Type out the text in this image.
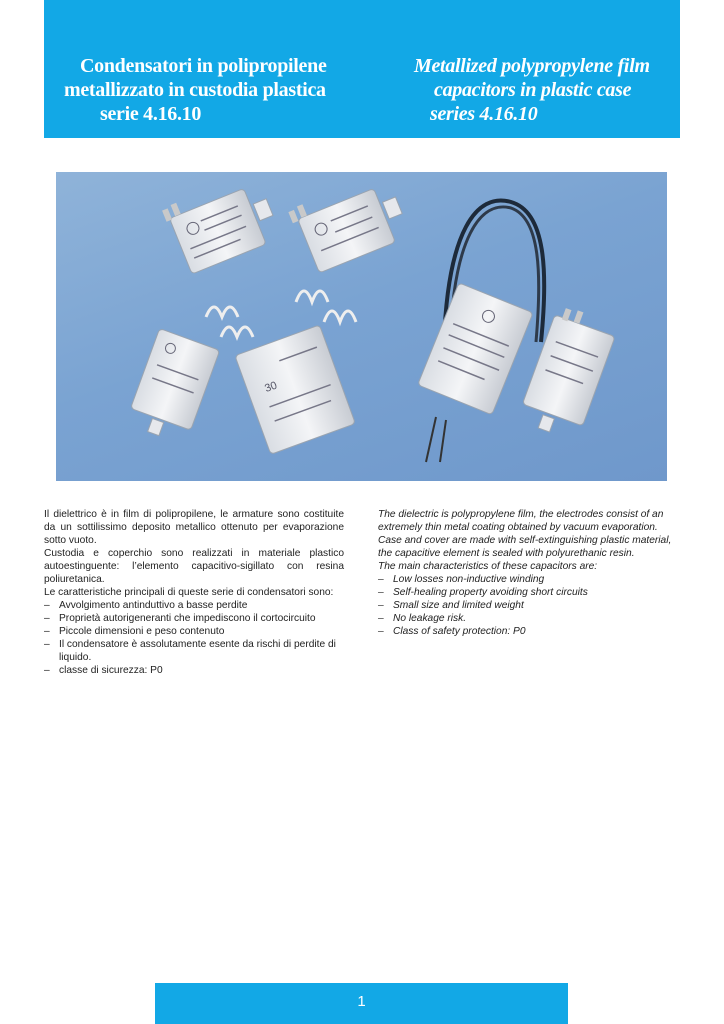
Condensatori in polipropilene
metallizzato in custodia plastica
serie 4.16.10
Metallized polypropylene film
capacitors in plastic case
series 4.16.10
30

Il dielettrico è in film di polipropilene, le armature sono costituite da un sottilissimo deposito metallico ottenuto per evaporazione sotto vuoto.

Custodia e coperchio sono realizzati in materiale plastico autoestinguente: l’elemento capacitivo-sigillato con resina poliuretanica.

Le caratteristiche principali di queste serie di condensatori sono:

– Avvolgimento antinduttivo a basse perdite
– Proprietà autorigeneranti che impediscono il cortocircuito
– Piccole dimensioni e peso contenuto
– Il condensatore è assolutamente esente da rischi di perdite di liquido.
– classe di sicurezza: P0

The dielectric is polypropylene film, the electrodes consist of an extremely thin metal coating obtained by vacuum evaporation.

Case and cover are made with self-extinguishing plastic material, the capacitive element is sealed with polyurethanic resin.

The main characteristics of these capacitors are:

– Low losses non-inductive winding
– Self-healing property avoiding short circuits
– Small size and limited weight
– No leakage risk.
– Class of safety protection: P0
1
